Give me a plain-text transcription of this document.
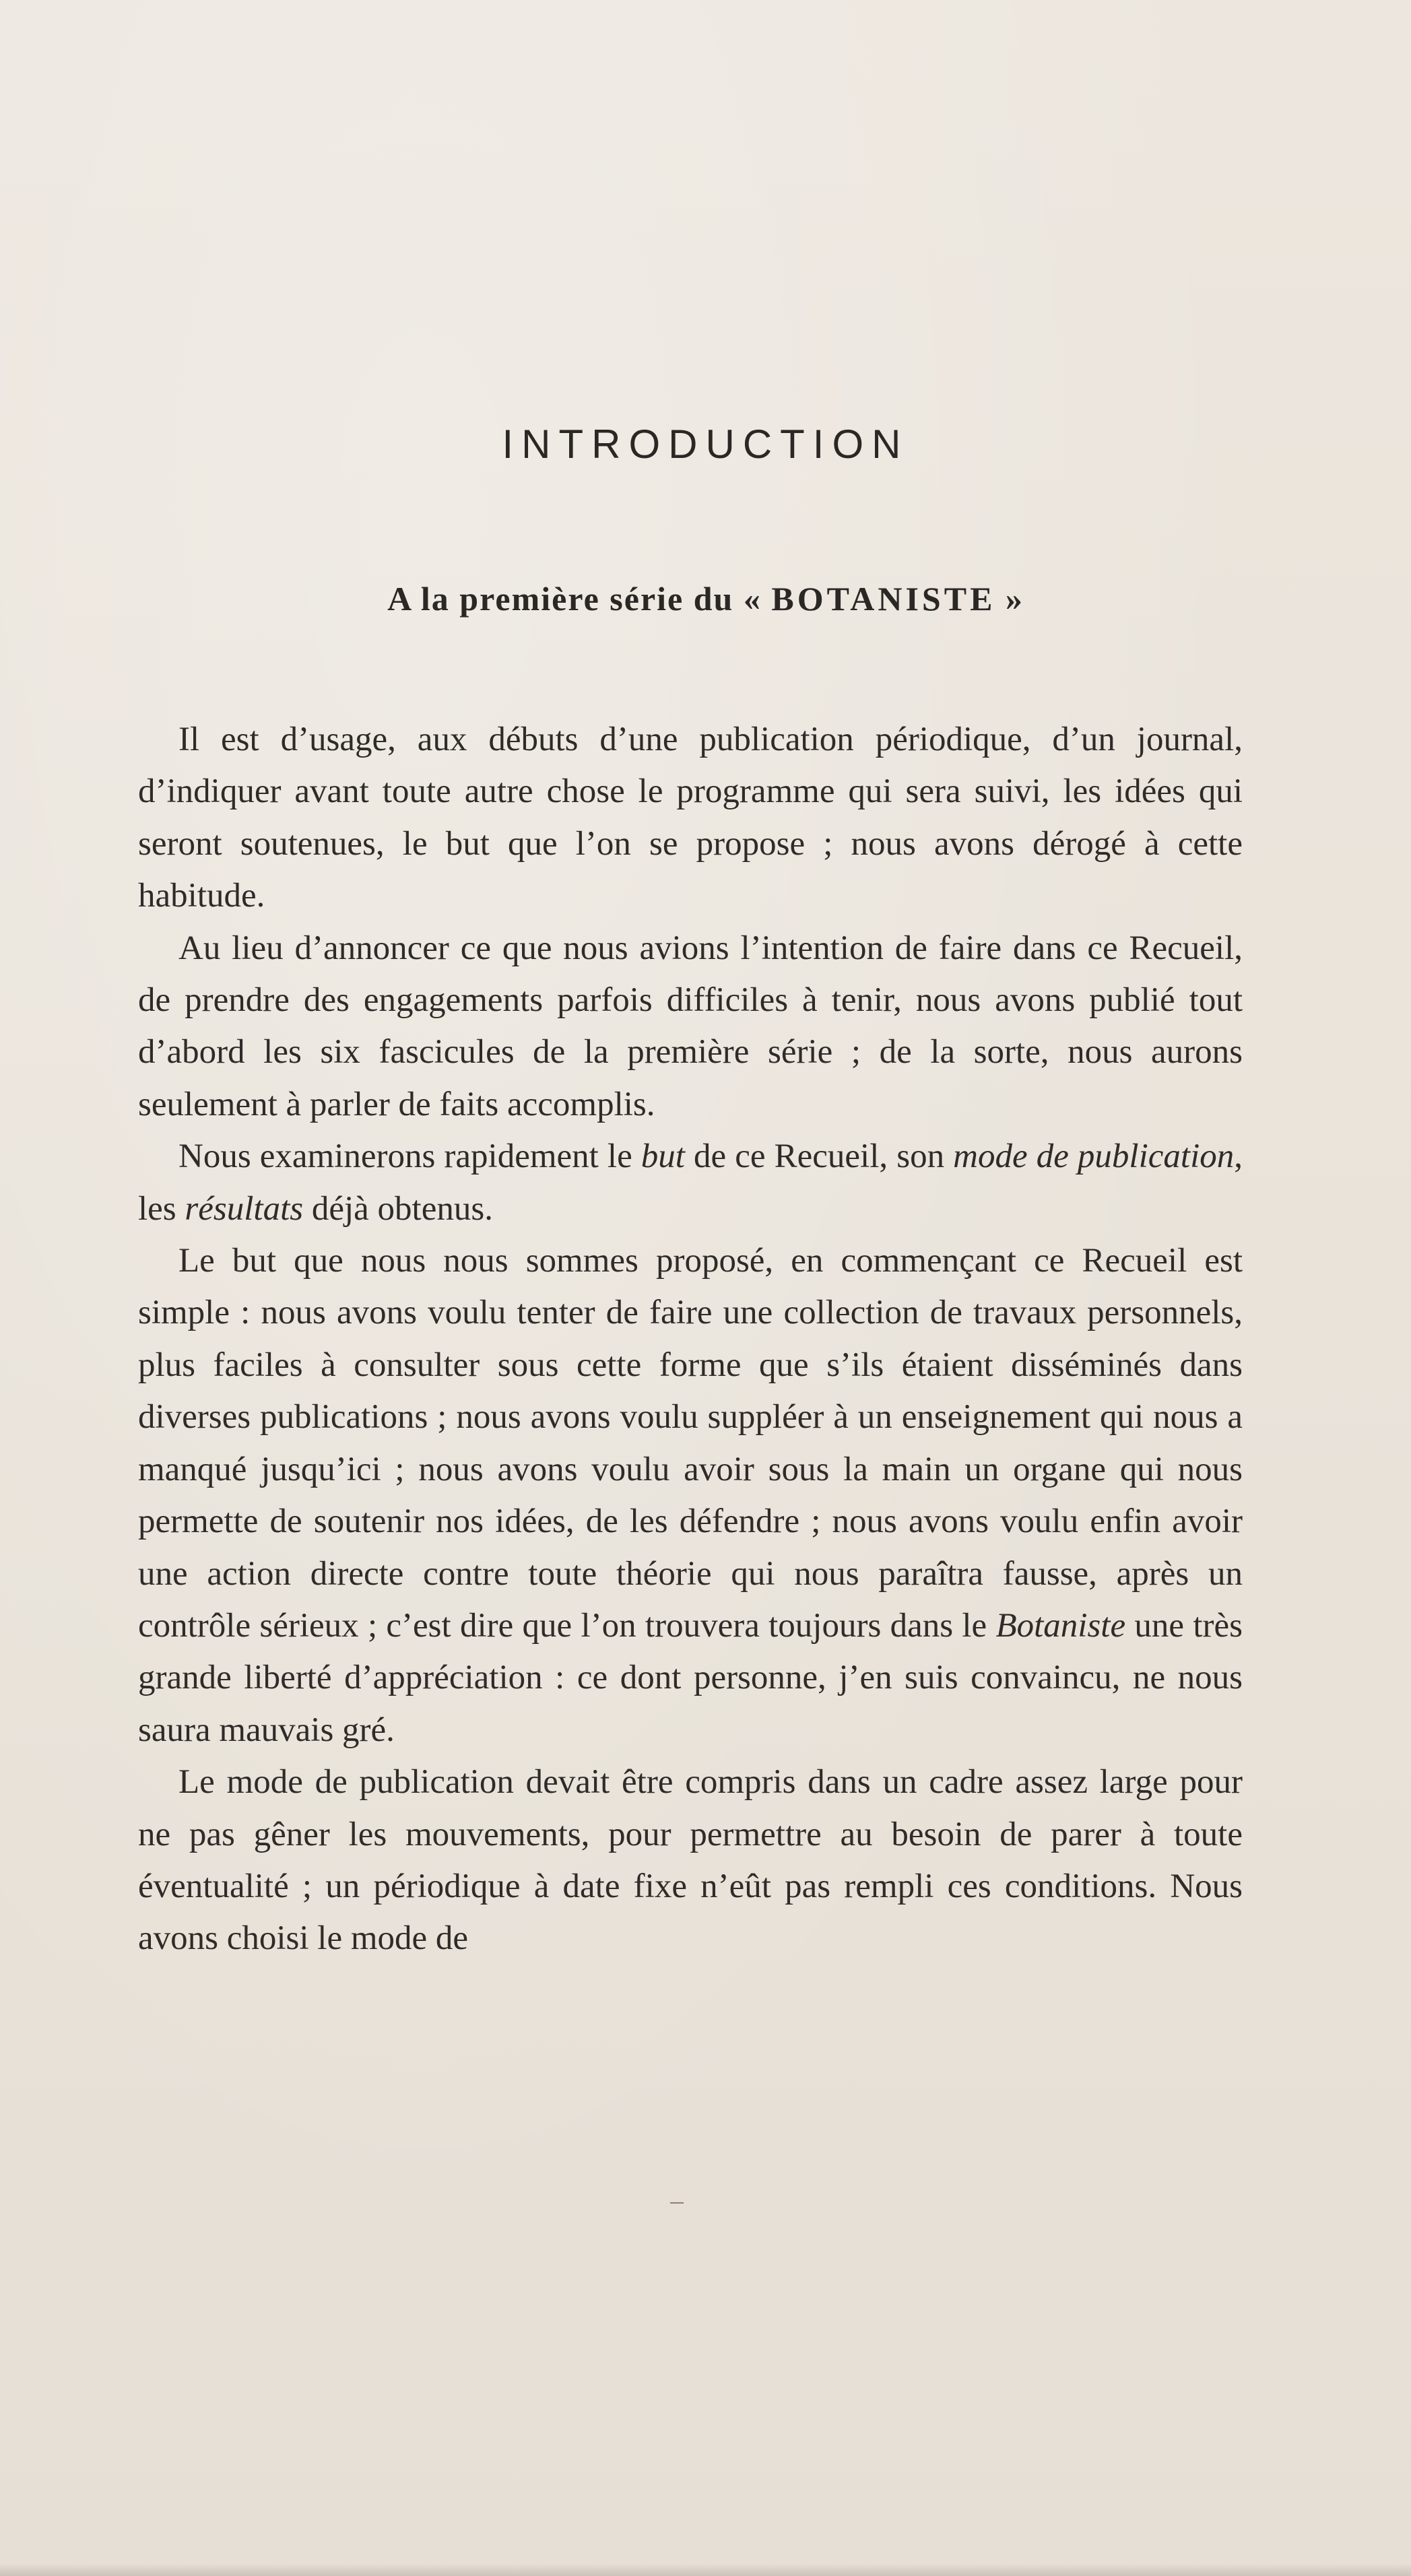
INTRODUCTION
A la première série du « BOTANISTE »

Il est d’usage, aux débuts d’une publication périodique, d’un journal, d’indiquer avant toute autre chose le programme qui sera suivi, les idées qui seront soutenues, le but que l’on se propose ; nous avons dérogé à cette habitude.

Au lieu d’annoncer ce que nous avions l’intention de faire dans ce Recueil, de prendre des engagements parfois difficiles à tenir, nous avons publié tout d’abord les six fascicules de la première série ; de la sorte, nous aurons seulement à parler de faits accomplis.

Nous examinerons rapidement le but de ce Recueil, son mode de publication, les résultats déjà obtenus.

Le but que nous nous sommes proposé, en commençant ce Recueil est simple : nous avons voulu tenter de faire une collection de travaux personnels, plus faciles à consulter sous cette forme que s’ils étaient disséminés dans diverses publications ; nous avons voulu suppléer à un enseignement qui nous a manqué jusqu’ici ; nous avons voulu avoir sous la main un organe qui nous permette de soutenir nos idées, de les défendre ; nous avons voulu enfin avoir une action directe contre toute théorie qui nous paraîtra fausse, après un contrôle sérieux ; c’est dire que l’on trouvera toujours dans le Botaniste une très grande liberté d’appréciation : ce dont personne, j’en suis convaincu, ne nous saura mauvais gré.

Le mode de publication devait être compris dans un cadre assez large pour ne pas gêner les mouvements, pour permettre au besoin de parer à toute éventualité ; un périodique à date fixe n’eût pas rempli ces conditions. Nous avons choisi le mode de
